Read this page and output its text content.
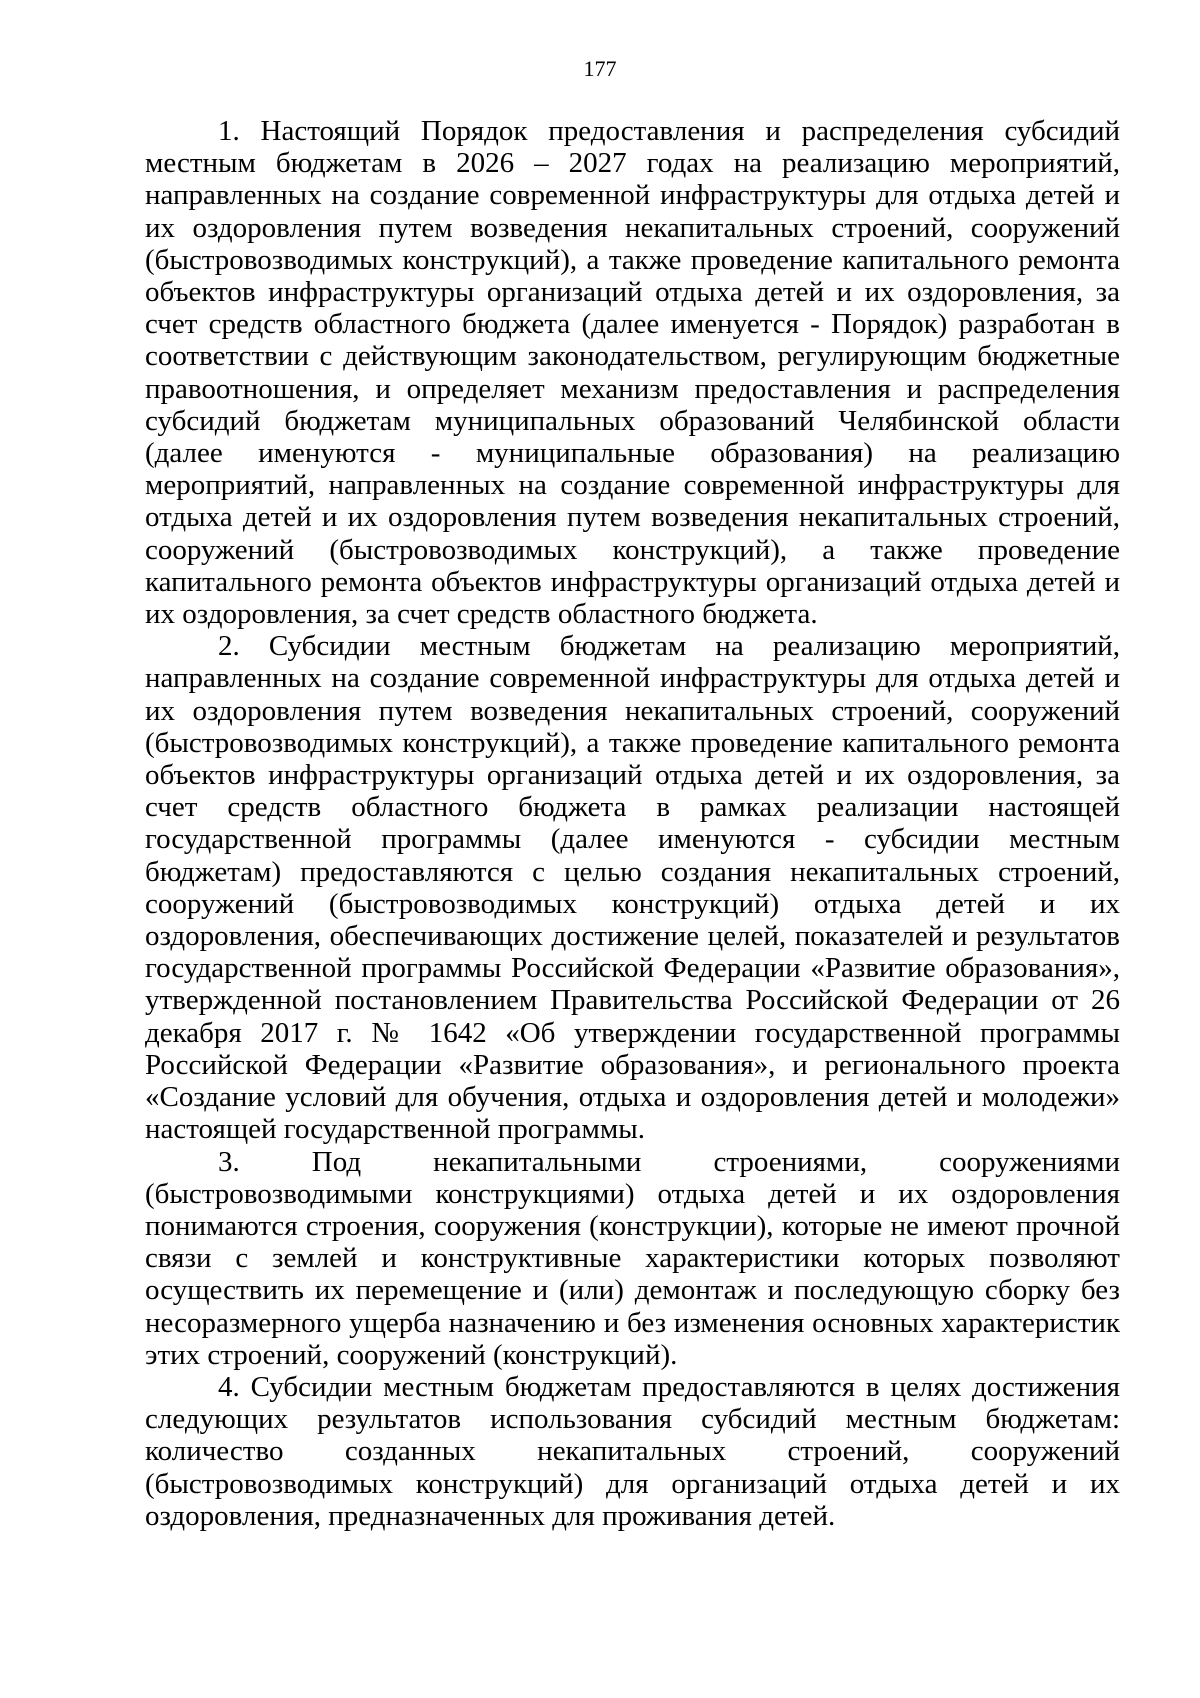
177

1. Настоящий Порядок предоставления и распределения субсидий местным бюджетам в 2026 – 2027 годах на реализацию мероприятий, направленных на создание современной инфраструктуры для отдыха детей и их оздоровления путем возведения некапитальных строений, сооружений (быстровозводимых конструкций), а также проведение капитального ремонта объектов инфраструктуры организаций отдыха детей и их оздоровления, за счет средств областного бюджета (далее именуется - Порядок) разработан в соответствии с действующим законодательством, регулирующим бюджетные правоотношения, и определяет механизм предоставления и распределения субсидий бюджетам муниципальных образований Челябинской области (далее именуются - муниципальные образования) на реализацию мероприятий, направленных на создание современной инфраструктуры для отдыха детей и их оздоровления путем возведения некапитальных строений, сооружений (быстровозводимых конструкций), а также проведение капитального ремонта объектов инфраструктуры организаций отдыха детей и их оздоровления, за счет средств областного бюджета.

2. Субсидии местным бюджетам на реализацию мероприятий, направленных на создание современной инфраструктуры для отдыха детей и их оздоровления путем возведения некапитальных строений, сооружений (быстровозводимых конструкций), а также проведение капитального ремонта объектов инфраструктуры организаций отдыха детей и их оздоровления, за счет средств областного бюджета в рамках реализации настоящей государственной программы (далее именуются - субсидии местным бюджетам) предоставляются с целью создания некапитальных строений, сооружений (быстровозводимых конструкций) отдыха детей и их оздоровления, обеспечивающих достижение целей, показателей и результатов государственной программы Российской Федерации «Развитие образования», утвержденной постановлением Правительства Российской Федерации от 26 декабря 2017 г. № 1642 «Об утверждении государственной программы Российской Федерации «Развитие образования», и регионального проекта «Создание условий для обучения, отдыха и оздоровления детей и молодежи» настоящей государственной программы.

3. Под некапитальными строениями, сооружениями (быстровозводимыми конструкциями) отдыха детей и их оздоровления понимаются строения, сооружения (конструкции), которые не имеют прочной связи с землей и конструктивные характеристики которых позволяют осуществить их перемещение и (или) демонтаж и последующую сборку без несоразмерного ущерба назначению и без изменения основных характеристик этих строений, сооружений (конструкций).

4. Субсидии местным бюджетам предоставляются в целях достижения следующих результатов использования субсидий местным бюджетам: количество созданных некапитальных строений, сооружений (быстровозводимых конструкций) для организаций отдыха детей и их оздоровления, предназначенных для проживания детей.
